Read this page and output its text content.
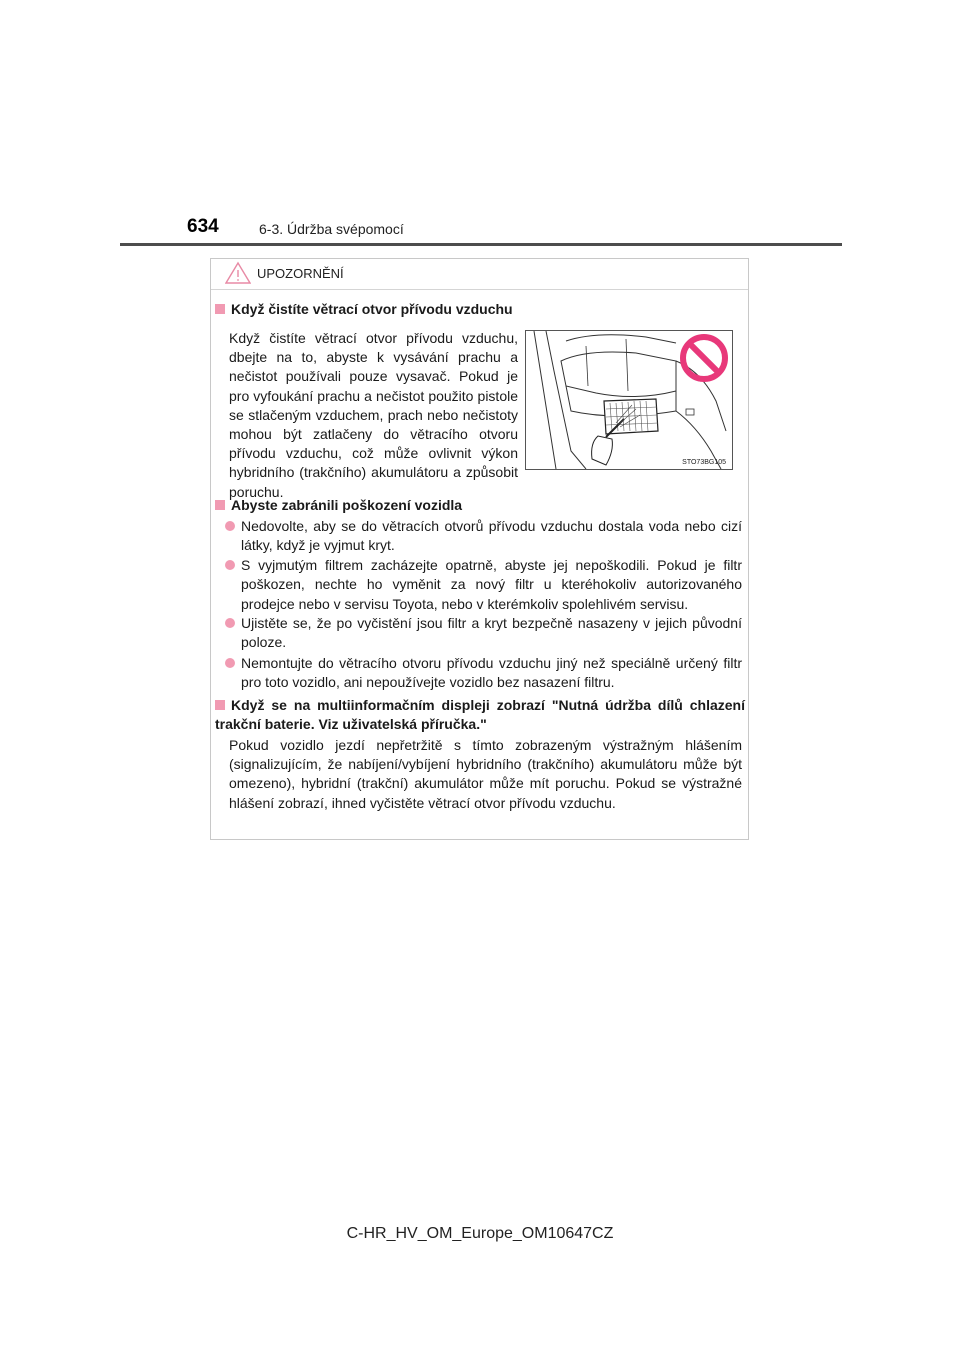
634	6-3. Údržba svépomocí
UPOZORNĚNÍ
Když čistíte větrací otvor přívodu vzduchu

Když čistíte větrací otvor přívodu vzduchu, dbejte na to, abyste k vysávání prachu a nečistot používali pouze vysavač. Pokud je pro vyfoukání prachu a nečistot použito pistole se stlačeným vzduchem, prach nebo nečistoty mohou být zatlačeny do větracího otvoru přívodu vzduchu, což může ovlivnit výkon hybridního (trakčního) akumulátoru a způsobit poruchu.

STO73BG105
Abyste zabránili poškození vozidla
Nedovolte, aby se do větracích otvorů přívodu vzduchu dostala voda nebo cizí látky, když je vyjmut kryt.
S vyjmutým filtrem zacházejte opatrně, abyste jej nepoškodili. Pokud je filtr poškozen, nechte ho vyměnit za nový filtr u kteréhokoliv autorizovaného prodejce nebo v servisu Toyota, nebo v kterémkoliv spolehlivém servisu.
Ujistěte se, že po vyčistění jsou filtr a kryt bezpečně nasazeny v jejich původní poloze.
Nemontujte do větracího otvoru přívodu vzduchu jiný než speciálně určený filtr pro toto vozidlo, ani nepoužívejte vozidlo bez nasazení filtru.
Když se na multiinformačním displeji zobrazí "Nutná údržba dílů chlazení trakční baterie. Viz uživatelská příručka."

Pokud vozidlo jezdí nepřetržitě s tímto zobrazeným výstražným hlášením (signalizujícím, že nabíjení/vybíjení hybridního (trakčního) akumulátoru může být omezeno), hybridní (trakční) akumulátor může mít poruchu. Pokud se výstražné hlášení zobrazí, ihned vyčistěte větrací otvor přívodu vzduchu.

C-HR_HV_OM_Europe_OM10647CZ
